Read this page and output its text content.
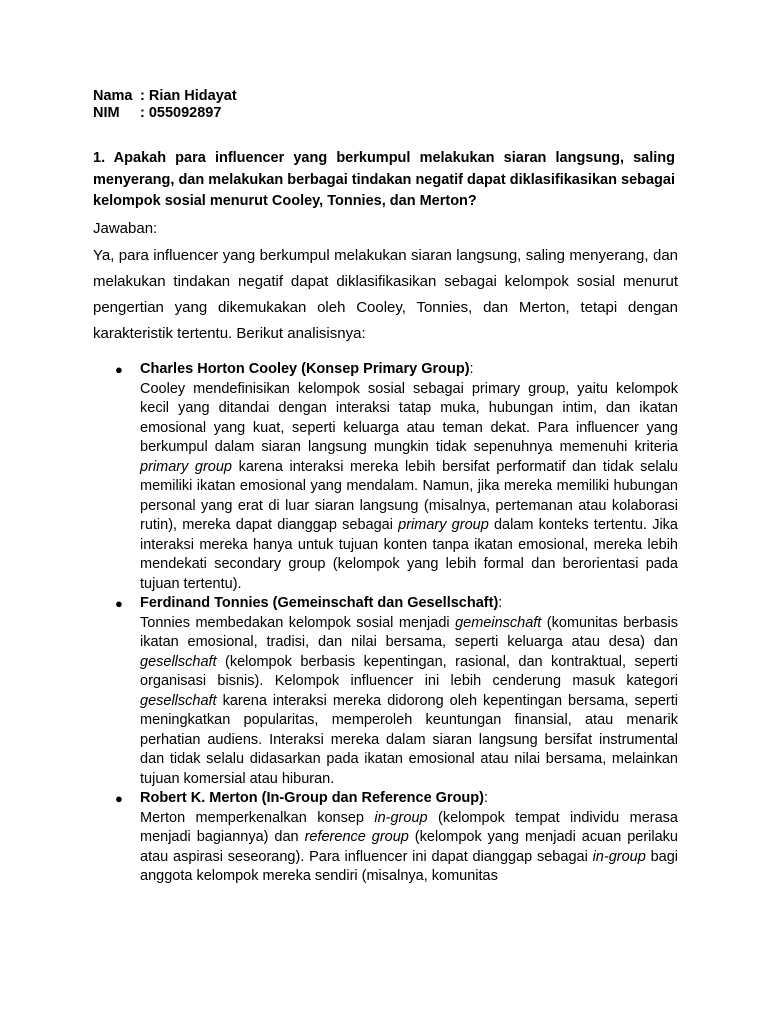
Nama : Rian Hidayat
NIM : 055092897
1. Apakah para influencer yang berkumpul melakukan siaran langsung, saling menyerang, dan melakukan berbagai tindakan negatif dapat diklasifikasikan sebagai kelompok sosial menurut Cooley, Tonnies, dan Merton?
Jawaban:

Ya, para influencer yang berkumpul melakukan siaran langsung, saling menyerang, dan melakukan tindakan negatif dapat diklasifikasikan sebagai kelompok sosial menurut pengertian yang dikemukakan oleh Cooley, Tonnies, dan Merton, tetapi dengan karakteristik tertentu. Berikut analisisnya:

● Charles Horton Cooley (Konsep Primary Group):
Cooley mendefinisikan kelompok sosial sebagai primary group, yaitu kelompok kecil yang ditandai dengan interaksi tatap muka, hubungan intim, dan ikatan emosional yang kuat, seperti keluarga atau teman dekat. Para influencer yang berkumpul dalam siaran langsung mungkin tidak sepenuhnya memenuhi kriteria primary group karena interaksi mereka lebih bersifat performatif dan tidak selalu memiliki ikatan emosional yang mendalam. Namun, jika mereka memiliki hubungan personal yang erat di luar siaran langsung (misalnya, pertemanan atau kolaborasi rutin), mereka dapat dianggap sebagai primary group dalam konteks tertentu. Jika interaksi mereka hanya untuk tujuan konten tanpa ikatan emosional, mereka lebih mendekati secondary group (kelompok yang lebih formal dan berorientasi pada tujuan tertentu).
● Ferdinand Tonnies (Gemeinschaft dan Gesellschaft):
Tonnies membedakan kelompok sosial menjadi gemeinschaft (komunitas berbasis ikatan emosional, tradisi, dan nilai bersama, seperti keluarga atau desa) dan gesellschaft (kelompok berbasis kepentingan, rasional, dan kontraktual, seperti organisasi bisnis). Kelompok influencer ini lebih cenderung masuk kategori gesellschaft karena interaksi mereka didorong oleh kepentingan bersama, seperti meningkatkan popularitas, memperoleh keuntungan finansial, atau menarik perhatian audiens. Interaksi mereka dalam siaran langsung bersifat instrumental dan tidak selalu didasarkan pada ikatan emosional atau nilai bersama, melainkan tujuan komersial atau hiburan.
● Robert K. Merton (In-Group dan Reference Group):
Merton memperkenalkan konsep in-group (kelompok tempat individu merasa menjadi bagiannya) dan reference group (kelompok yang menjadi acuan perilaku atau aspirasi seseorang). Para influencer ini dapat dianggap sebagai in-group bagi anggota kelompok mereka sendiri (misalnya, komunitas
